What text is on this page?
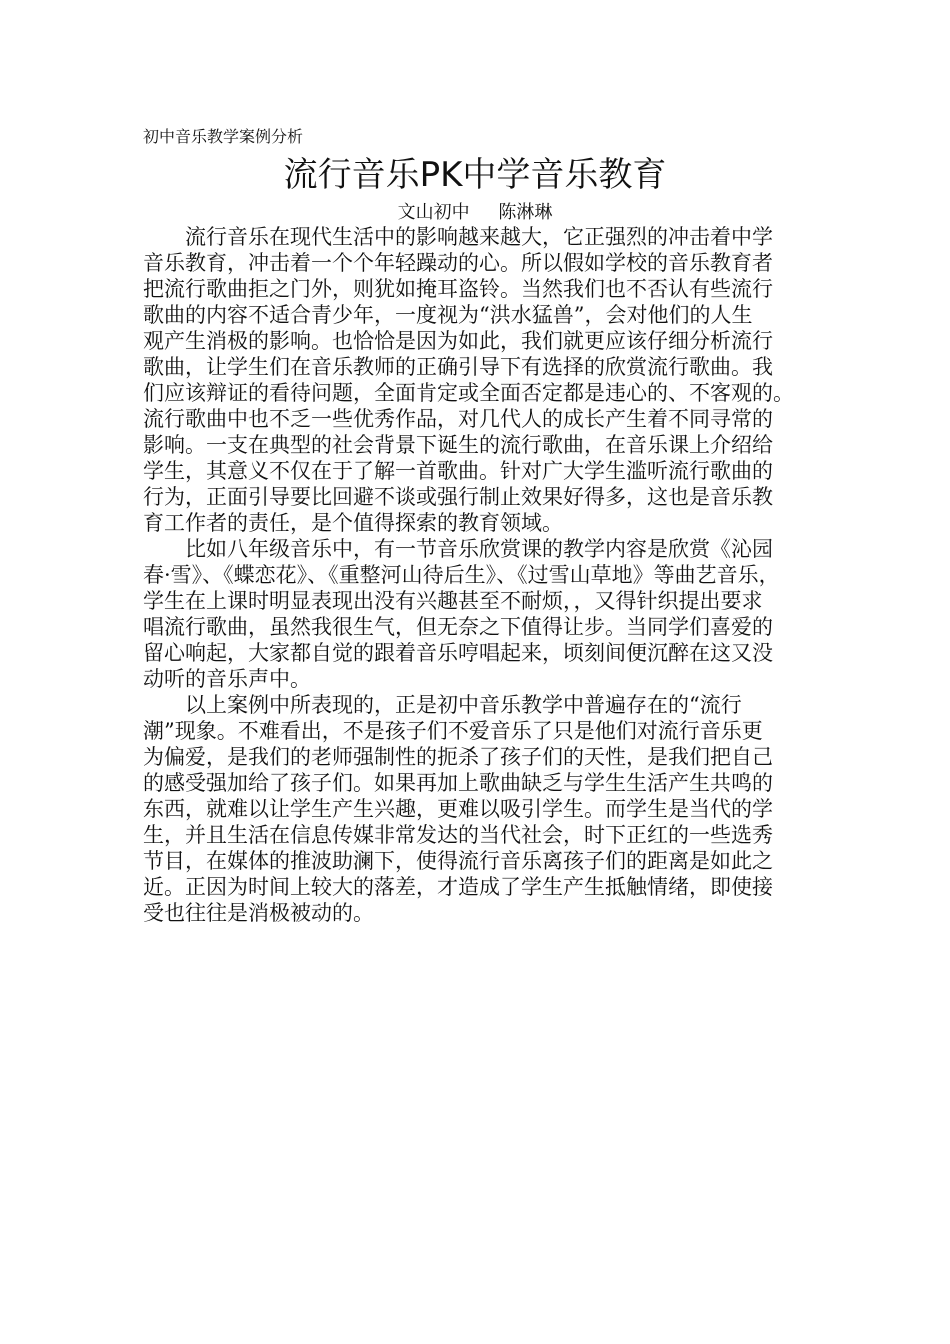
初中音乐教学案例分析
流行音乐PK中学音乐教育
文山初中　 陈淋琳
流行音乐在现代生活中的影响越来越大，它正强烈的冲击着中学
音乐教育，冲击着一个个年轻躁动的心。所以假如学校的音乐教育者
把流行歌曲拒之门外，则犹如掩耳盗铃。当然我们也不否认有些流行
歌曲的内容不适合青少年，一度视为“洪水猛兽”，会对他们的人生
观产生消极的影响。也恰恰是因为如此，我们就更应该仔细分析流行
歌曲，让学生们在音乐教师的正确引导下有选择的欣赏流行歌曲。我
们应该辩证的看待问题，全面肯定或全面否定都是违心的、不客观的。
流行歌曲中也不乏一些优秀作品，对几代人的成长产生着不同寻常的
影响。一支在典型的社会背景下诞生的流行歌曲，在音乐课上介绍给
学生，其意义不仅在于了解一首歌曲。针对广大学生滥听流行歌曲的
行为，正面引导要比回避不谈或强行制止效果好得多，这也是音乐教
育工作者的责任，是个值得探索的教育领域。
比如八年级音乐中，有一节音乐欣赏课的教学内容是欣赏《沁园
春·雪》、《蝶恋花》、《重整河山待后生》、《过雪山草地》等曲艺音乐，
学生在上课时明显表现出没有兴趣甚至不耐烦，，又得针织提出要求
唱流行歌曲，虽然我很生气，但无奈之下值得让步。当同学们喜爱的
留心响起，大家都自觉的跟着音乐哼唱起来，顷刻间便沉醉在这又没
动听的音乐声中。
以上案例中所表现的，正是初中音乐教学中普遍存在的“流行
潮”现象。不难看出，不是孩子们不爱音乐了只是他们对流行音乐更
为偏爱，是我们的老师强制性的扼杀了孩子们的天性，是我们把自己
的感受强加给了孩子们。如果再加上歌曲缺乏与学生生活产生共鸣的
东西，就难以让学生产生兴趣，更难以吸引学生。而学生是当代的学
生，并且生活在信息传媒非常发达的当代社会，时下正红的一些选秀
节目，在媒体的推波助澜下，使得流行音乐离孩子们的距离是如此之
近。正因为时间上较大的落差，才造成了学生产生抵触情绪，即使接
受也往往是消极被动的。
